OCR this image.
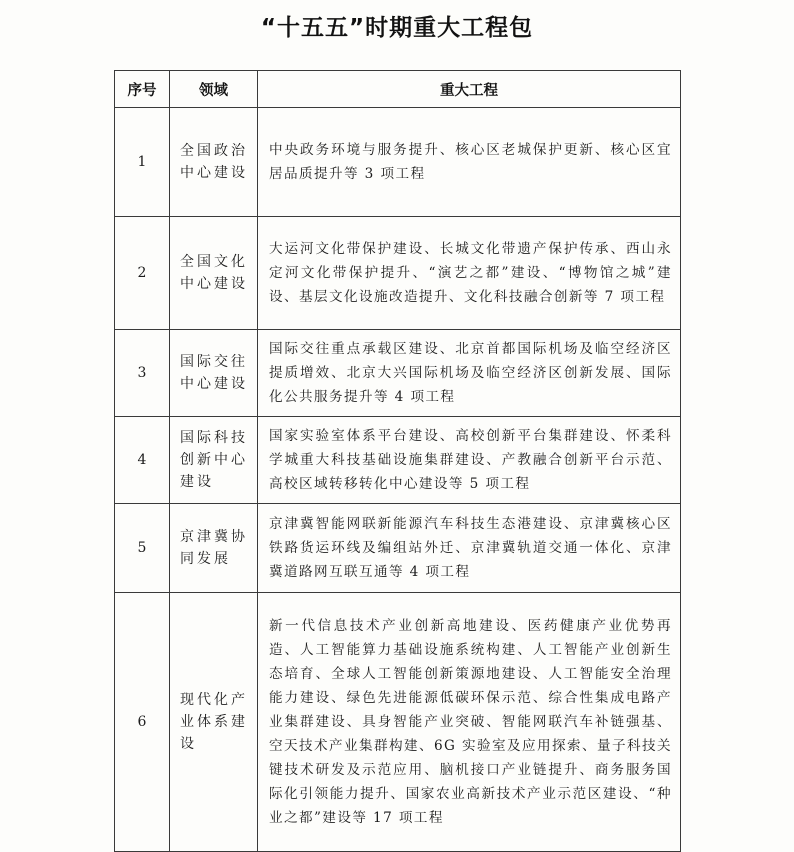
“十五五”时期重大工程包
序号	领域	重大工程
1	全国政治中心建设	中央政务环境与服务提升、核心区老城保护更新、核心区宜居品质提升等 3 项工程
2	全国文化中心建设	大运河文化带保护建设、长城文化带遗产保护传承、西山永定河文化带保护提升、“演艺之都”建设、“博物馆之城”建设、基层文化设施改造提升、文化科技融合创新等 7 项工程
3	国际交往中心建设	国际交往重点承载区建设、北京首都国际机场及临空经济区提质增效、北京大兴国际机场及临空经济区创新发展、国际化公共服务提升等 4 项工程
4	国际科技创新中心建设	国家实验室体系平台建设、高校创新平台集群建设、怀柔科学城重大科技基础设施集群建设、产教融合创新平台示范、高校区域转移转化中心建设等 5 项工程
5	京津冀协同发展	京津冀智能网联新能源汽车科技生态港建设、京津冀核心区铁路货运环线及编组站外迁、京津冀轨道交通一体化、京津冀道路网互联互通等 4 项工程
6	现代化产业体系建设	新一代信息技术产业创新高地建设、医药健康产业优势再造、人工智能算力基础设施系统构建、人工智能产业创新生态培育、全球人工智能创新策源地建设、人工智能安全治理能力建设、绿色先进能源低碳环保示范、综合性集成电路产业集群建设、具身智能产业突破、智能网联汽车补链强基、空天技术产业集群构建、6G 实验室及应用探索、量子科技关键技术研发及示范应用、脑机接口产业链提升、商务服务国际化引领能力提升、国家农业高新技术产业示范区建设、“种业之都”建设等 17 项工程
